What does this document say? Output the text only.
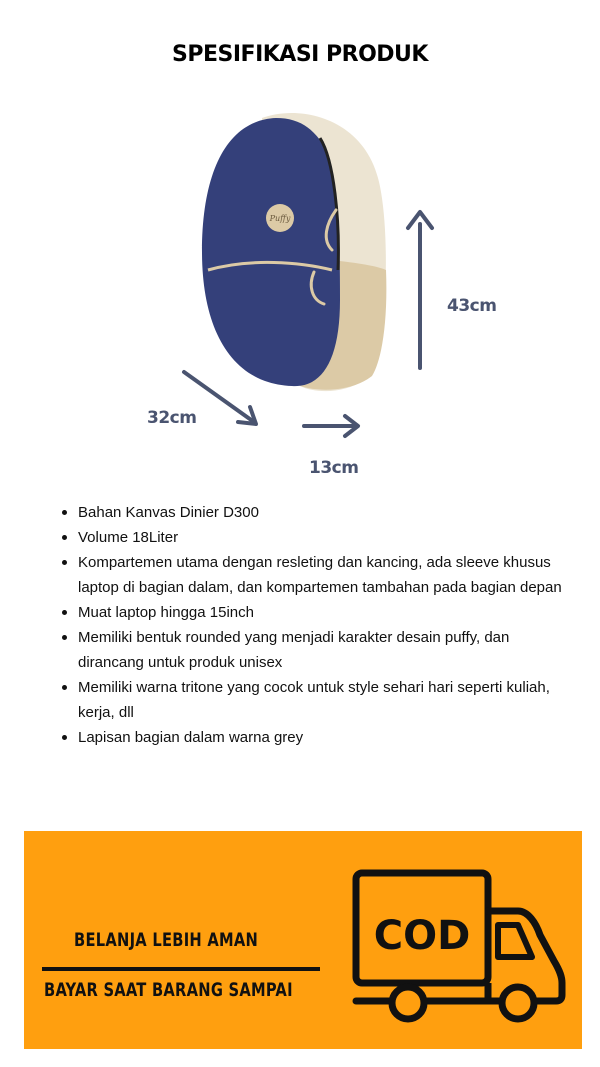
SPESIFIKASI PRODUK
Puffy
43cm
32cm
13cm
Bahan Kanvas Dinier D300
Volume 18Liter
Kompartemen utama dengan resleting dan kancing, ada sleeve khusus laptop di bagian dalam, dan kompartemen tambahan pada bagian depan
Muat laptop hingga 15inch
Memiliki bentuk rounded yang menjadi karakter desain puffy, dan dirancang untuk produk unisex
Memiliki warna tritone yang cocok untuk style sehari hari seperti kuliah, kerja, dll
Lapisan bagian dalam warna grey
BELANJA LEBIH AMAN
BAYAR SAAT BARANG SAMPAI
COD
